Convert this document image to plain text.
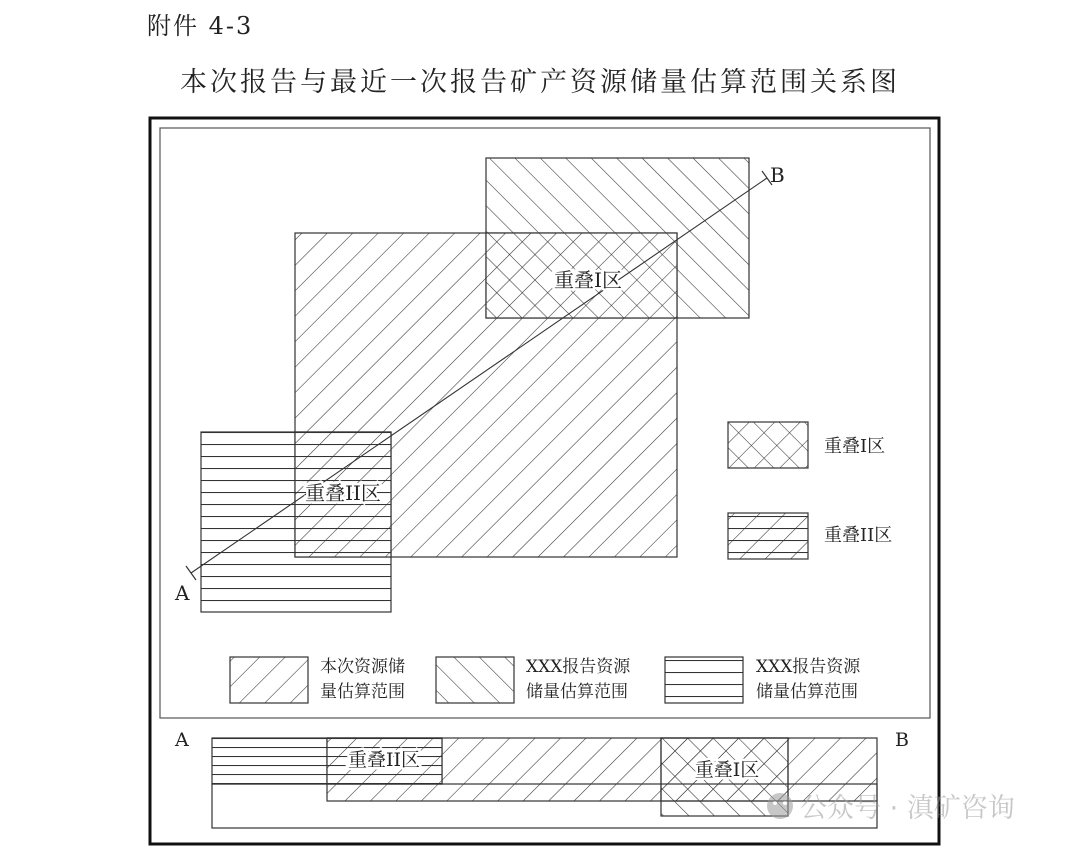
附件 4-3
本次报告与最近一次报告矿产资源储量估算范围关系图
重叠I区
重叠II区
A
B
重叠I区
重叠II区
本次资源储
量估算范围
XXX报告资源
储量估算范围
XXX报告资源
储量估算范围
A	B
重叠II区	重叠I区
公众号 · 滇矿咨询
